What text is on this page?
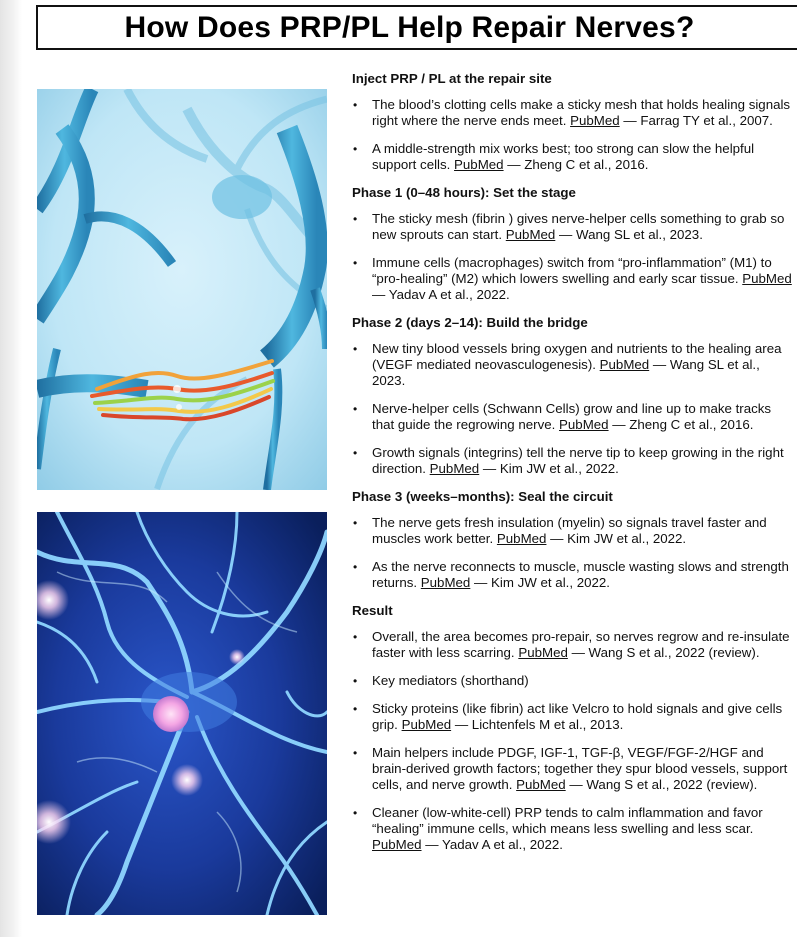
How Does PRP/PL Help Repair Nerves?
Inject PRP / PL at the repair site
• The blood’s clotting cells make a sticky mesh that holds healing signals right where the nerve ends meet. PubMed — Farrag TY et al., 2007.
• A middle-strength mix works best; too strong can slow the helpful support cells. PubMed — Zheng C et al., 2016.
Phase 1 (0–48 hours): Set the stage
• The sticky mesh (fibrin ) gives nerve-helper cells something to grab so new sprouts can start. PubMed — Wang SL et al., 2023.
• Immune cells (macrophages) switch from “pro-inflammation” (M1) to “pro-healing” (M2) which lowers swelling and early scar tissue. PubMed — Yadav A et al., 2022.
Phase 2 (days 2–14): Build the bridge
• New tiny blood vessels bring oxygen and nutrients to the healing area (VEGF mediated neovasculogenesis). PubMed — Wang SL et al., 2023.
• Nerve-helper cells (Schwann Cells) grow and line up to make tracks that guide the regrowing nerve. PubMed — Zheng C et al., 2016.
• Growth signals (integrins) tell the nerve tip to keep growing in the right direction. PubMed — Kim JW et al., 2022.
Phase 3 (weeks–months): Seal the circuit
• The nerve gets fresh insulation (myelin) so signals travel faster and muscles work better. PubMed — Kim JW et al., 2022.
• As the nerve reconnects to muscle, muscle wasting slows and strength returns. PubMed — Kim JW et al., 2022.
Result
• Overall, the area becomes pro-repair, so nerves regrow and re-insulate faster with less scarring. PubMed — Wang S et al., 2022 (review).
• Key mediators (shorthand)
• Sticky proteins (like fibrin) act like Velcro to hold signals and give cells grip. PubMed — Lichtenfels M et al., 2013.
• Main helpers include PDGF, IGF-1, TGF-β, VEGF/FGF-2/HGF and brain-derived growth factors; together they spur blood vessels, support cells, and nerve growth. PubMed — Wang S et al., 2022 (review).
• Cleaner (low-white-cell) PRP tends to calm inflammation and favor “healing” immune cells, which means less swelling and less scar. PubMed — Yadav A et al., 2022.
